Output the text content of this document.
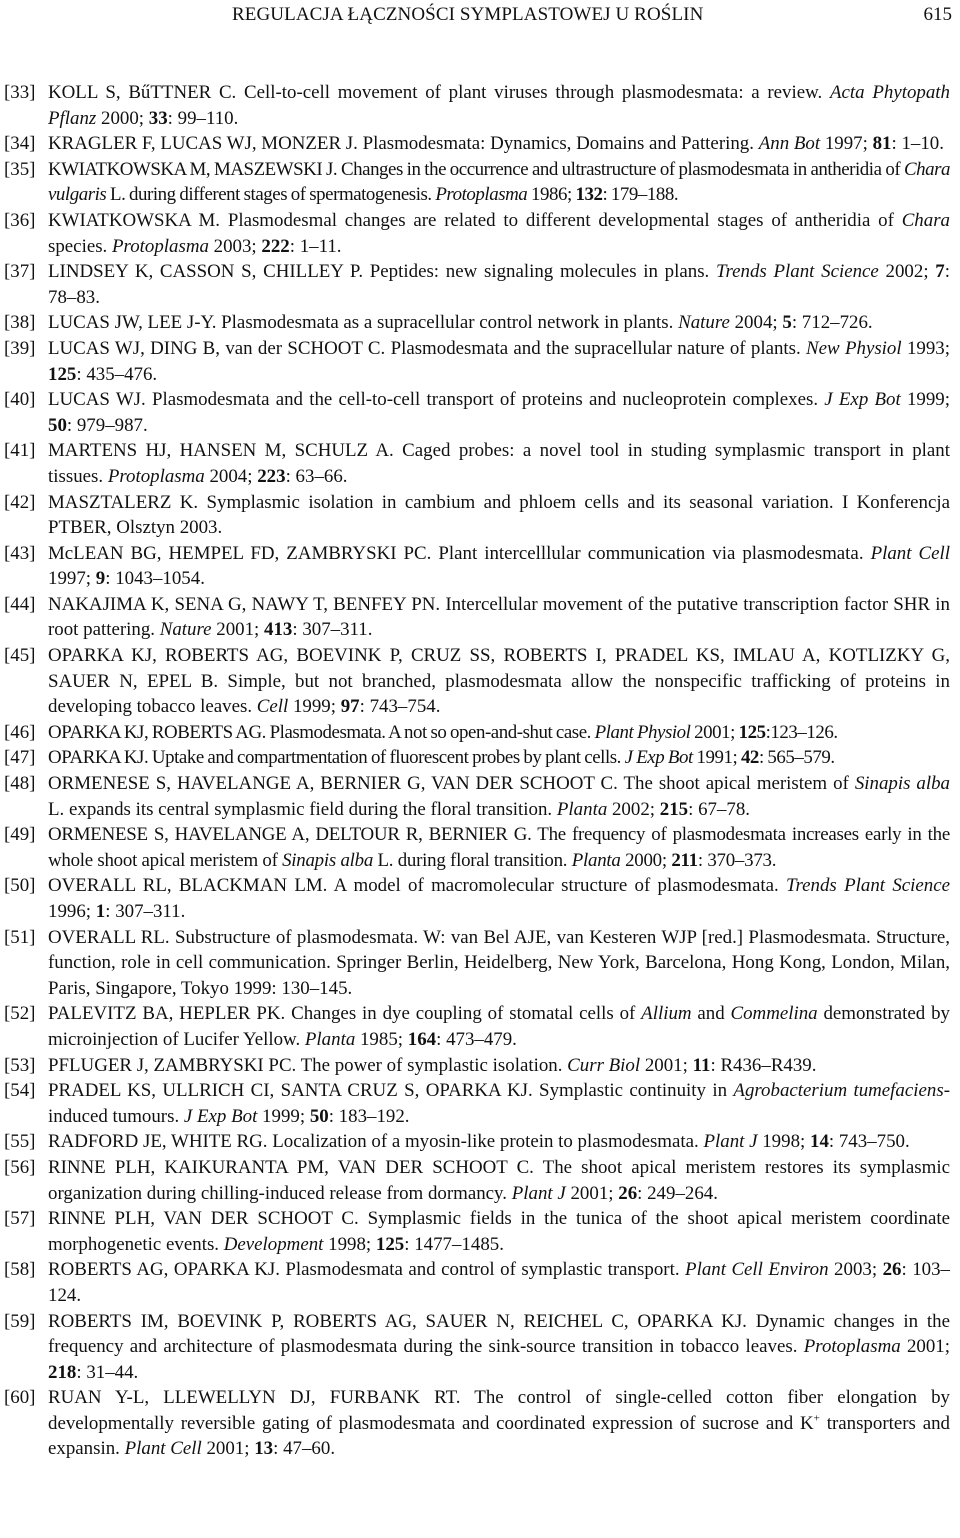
REGULACJA ŁĄCZNOŚCI SYMPLASTOWEJ U ROŚLIN	615
[33] KOLL S, BűTTNER C. Cell-to-cell movement of plant viruses through plasmodesmata: a review. Acta Phytopath Pflanz 2000; 33: 99–110.
[34] KRAGLER F, LUCAS WJ, MONZER J. Plasmodesmata: Dynamics, Domains and Pattering. Ann Bot 1997; 81: 1–10.
[35] KWIATKOWSKA M, MASZEWSKI J. Changes in the occurrence and ultrastructure of plasmodesmata in antheridia of Chara vulgaris L. during different stages of spermatogenesis. Protoplasma 1986; 132: 179–188.
[36] KWIATKOWSKA M. Plasmodesmal changes are related to different developmental stages of antheridia of Chara species. Protoplasma 2003; 222: 1–11.
[37] LINDSEY K, CASSON S, CHILLEY P. Peptides: new signaling molecules in plans. Trends Plant Science 2002; 7: 78–83.
[38] LUCAS JW, LEE J-Y. Plasmodesmata as a supracellular control network in plants. Nature 2004; 5: 712–726.
[39] LUCAS WJ, DING B, van der SCHOOT C. Plasmodesmata and the supracellular nature of plants. New Physiol 1993; 125: 435–476.
[40] LUCAS WJ. Plasmodesmata and the cell-to-cell transport of proteins and nucleoprotein complexes. J Exp Bot 1999; 50: 979–987.
[41] MARTENS HJ, HANSEN M, SCHULZ A. Caged probes: a novel tool in studing symplasmic transport in plant tissues. Protoplasma 2004; 223: 63–66.
[42] MASZTALERZ K. Symplasmic isolation in cambium and phloem cells and its seasonal variation. I Konferencja PTBER, Olsztyn 2003.
[43] McLEAN BG, HEMPEL FD, ZAMBRYSKI PC. Plant intercelllular communication via plasmodesmata. Plant Cell 1997; 9: 1043–1054.
[44] NAKAJIMA K, SENA G, NAWY T, BENFEY PN. Intercellular movement of the putative transcription factor SHR in root pattering. Nature 2001; 413: 307–311.
[45] OPARKA KJ, ROBERTS AG, BOEVINK P, CRUZ SS, ROBERTS I, PRADEL KS, IMLAU A, KOTLIZKY G, SAUER N, EPEL B. Simple, but not branched, plasmodesmata allow the nonspecific trafficking of proteins in developing tobacco leaves. Cell 1999; 97: 743–754.
[46] OPARKA KJ, ROBERTS AG. Plasmodesmata. A not so open-and-shut case. Plant Physiol 2001; 125:123–126.
[47] OPARKA KJ. Uptake and compartmentation of fluorescent probes by plant cells. J Exp Bot 1991; 42: 565–579.
[48] ORMENESE S, HAVELANGE A, BERNIER G, VAN DER SCHOOT C. The shoot apical meristem of Sinapis alba L. expands its central symplasmic field during the floral transition. Planta 2002; 215: 67–78.
[49] ORMENESE S, HAVELANGE A, DELTOUR R, BERNIER G. The frequency of plasmodesmata increases early in the whole shoot apical meristem of Sinapis alba L. during floral transition. Planta 2000; 211: 370–373.
[50] OVERALL RL, BLACKMAN LM. A model of macromolecular structure of plasmodesmata. Trends Plant Science 1996; 1: 307–311.
[51] OVERALL RL. Substructure of plasmodesmata. W: van Bel AJE, van Kesteren WJP [red.] Plasmodesmata. Structure, function, role in cell communication. Springer Berlin, Heidelberg, New York, Barcelona, Hong Kong, London, Milan, Paris, Singapore, Tokyo 1999: 130–145.
[52] PALEVITZ BA, HEPLER PK. Changes in dye coupling of stomatal cells of Allium and Commelina demonstrated by microinjection of Lucifer Yellow. Planta 1985; 164: 473–479.
[53] PFLUGER J, ZAMBRYSKI PC. The power of symplastic isolation. Curr Biol 2001; 11: R436–R439.
[54] PRADEL KS, ULLRICH CI, SANTA CRUZ S, OPARKA KJ. Symplastic continuity in Agrobacterium tumefaciens-induced tumours. J Exp Bot 1999; 50: 183–192.
[55] RADFORD JE, WHITE RG. Localization of a myosin-like protein to plasmodesmata. Plant J 1998; 14: 743–750.
[56] RINNE PLH, KAIKURANTA PM, VAN DER SCHOOT C. The shoot apical meristem restores its symplasmic organization during chilling-induced release from dormancy. Plant J 2001; 26: 249–264.
[57] RINNE PLH, VAN DER SCHOOT C. Symplasmic fields in the tunica of the shoot apical meristem coordinate morphogenetic events. Development 1998; 125: 1477–1485.
[58] ROBERTS AG, OPARKA KJ. Plasmodesmata and control of symplastic transport. Plant Cell Environ 2003; 26: 103–124.
[59] ROBERTS IM, BOEVINK P, ROBERTS AG, SAUER N, REICHEL C, OPARKA KJ. Dynamic changes in the frequency and architecture of plasmodesmata during the sink-source transition in tobacco leaves. Protoplasma 2001; 218: 31–44.
[60] RUAN Y-L, LLEWELLYN DJ, FURBANK RT. The control of single-celled cotton fiber elongation by developmentally reversible gating of plasmodesmata and coordinated expression of sucrose and K+ transporters and expansin. Plant Cell 2001; 13: 47–60.
